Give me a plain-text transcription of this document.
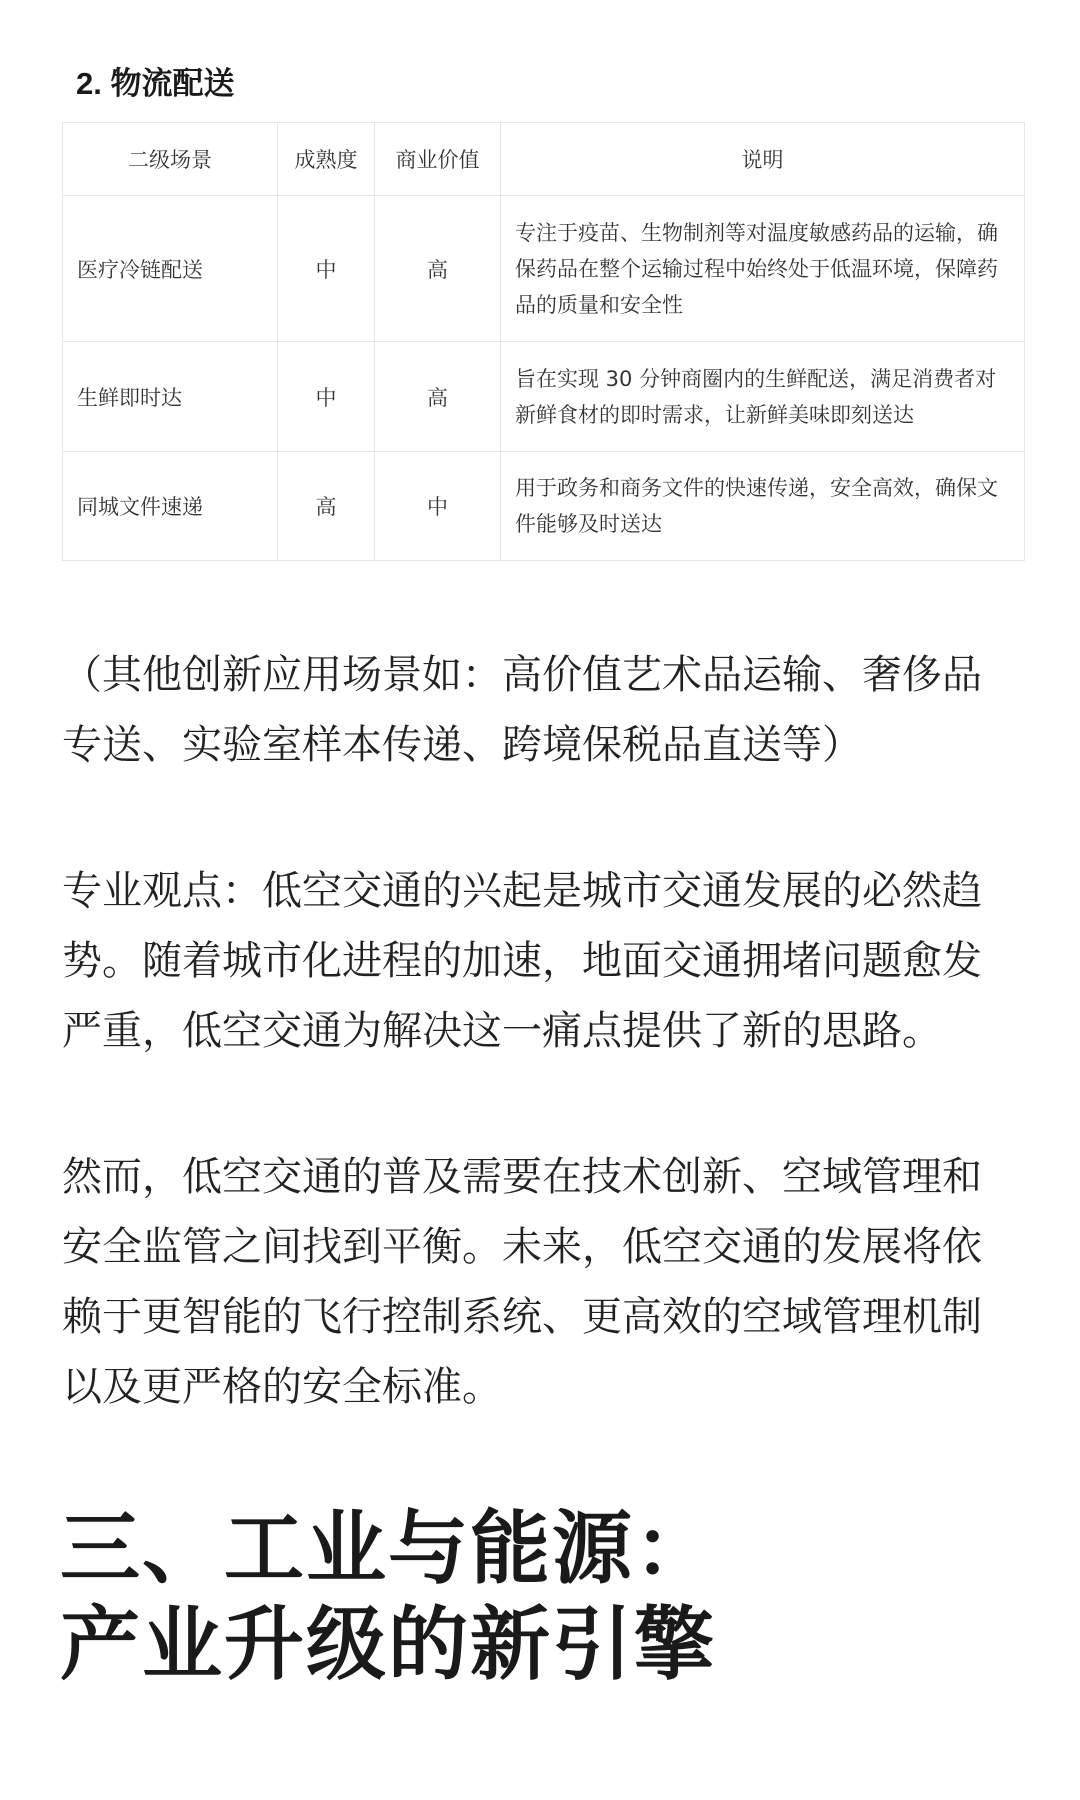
2. 物流配送
二级场景	成熟度	商业价值	说明
医疗冷链配送	中	高	专注于疫苗、生物制剂等对温度敏感药品的运输，确保药品在整个运输过程中始终处于低温环境，保障药品的质量和安全性
生鲜即时达	中	高	旨在实现 30 分钟商圈内的生鲜配送，满足消费者对新鲜食材的即时需求，让新鲜美味即刻送达
同城文件速递	高	中	用于政务和商务文件的快速传递，安全高效，确保文件能够及时送达

（其他创新应用场景如：高价值艺术品运输、奢侈品专送、实验室样本传递、跨境保税品直送等）

专业观点：低空交通的兴起是城市交通发展的必然趋势。随着城市化进程的加速，地面交通拥堵问题愈发严重，低空交通为解决这一痛点提供了新的思路。

然而，低空交通的普及需要在技术创新、空域管理和安全监管之间找到平衡。未来，低空交通的发展将依赖于更智能的飞行控制系统、更高效的空域管理机制以及更严格的安全标准。

三、工业与能源：
产业升级的新引擎
